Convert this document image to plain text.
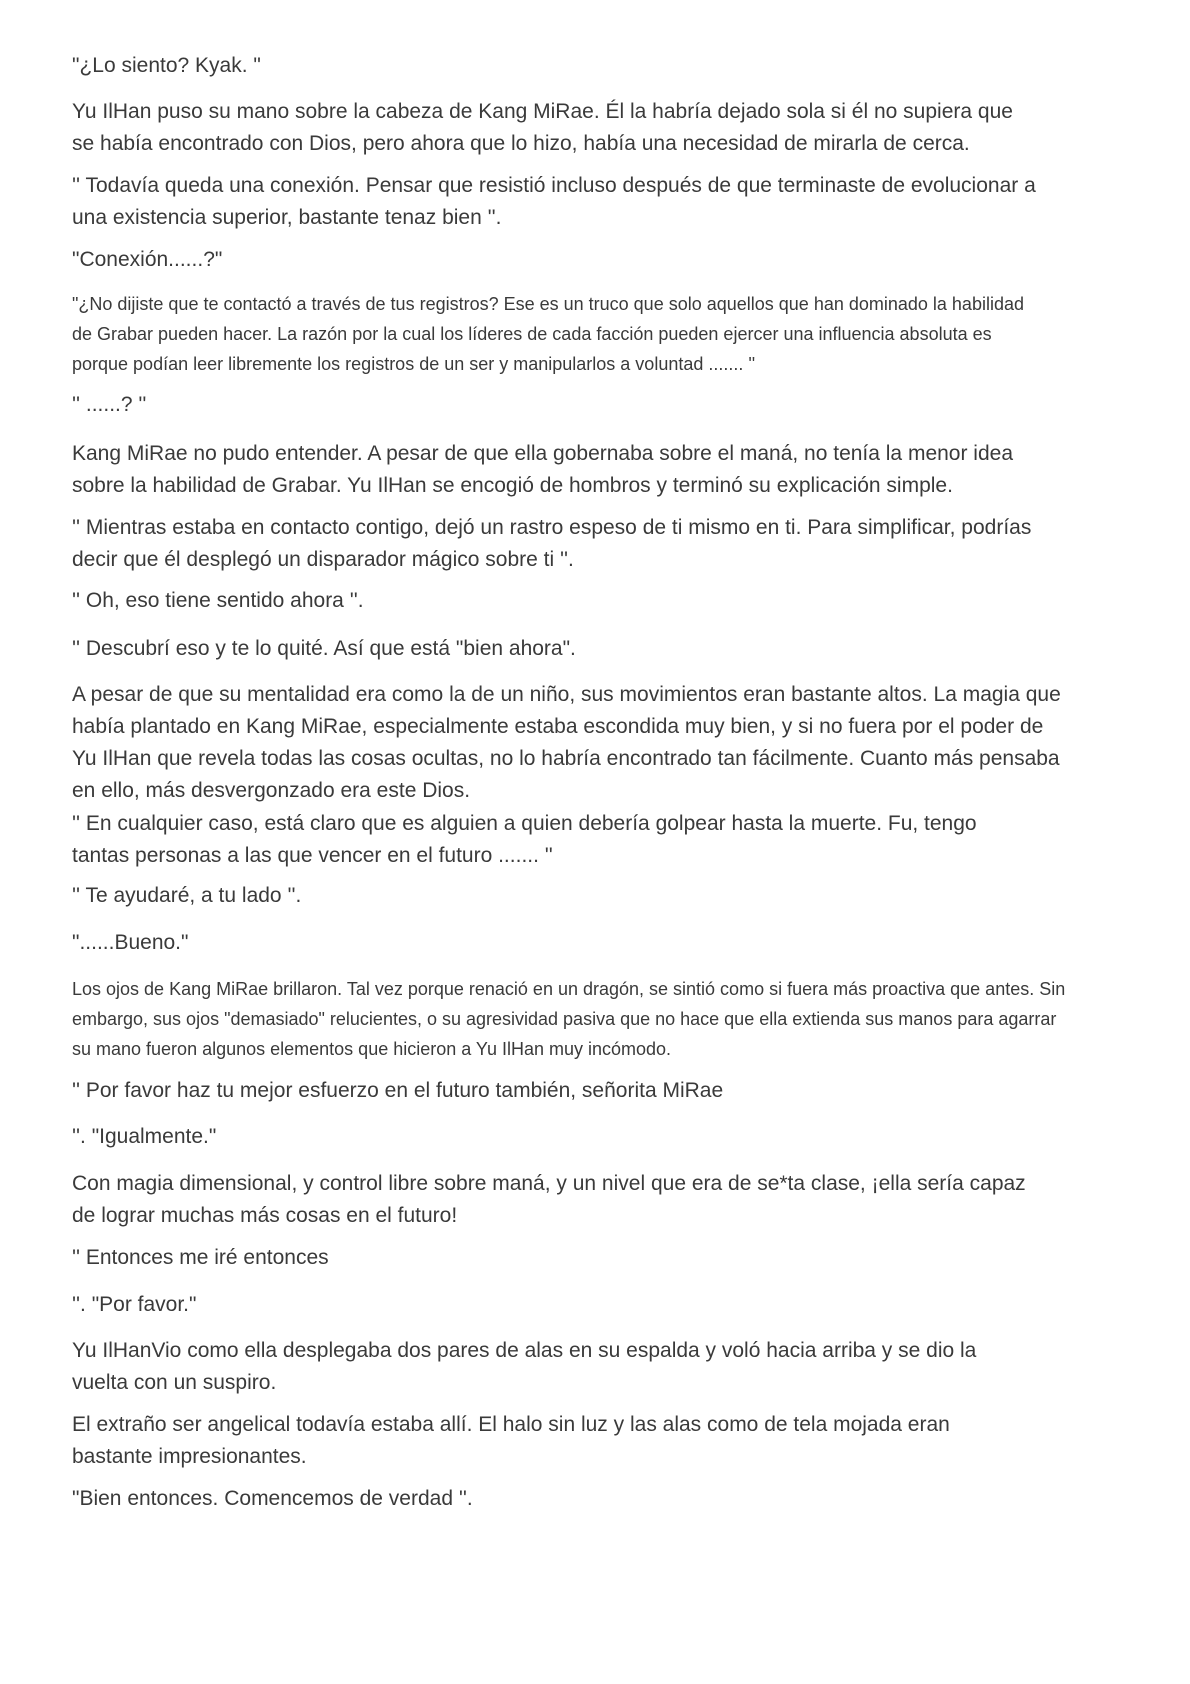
"¿Lo siento? Kyak. "

Yu IlHan puso su mano sobre la cabeza de Kang MiRae. Él la habría dejado sola si él no supiera que se había encontrado con Dios, pero ahora que lo hizo, había una necesidad de mirarla de cerca.

'' Todavía queda una conexión. Pensar que resistió incluso después de que terminaste de evolucionar a una existencia superior, bastante tenaz bien ''.

"Conexión......?"

"¿No dijiste que te contactó a través de tus registros? Ese es un truco que solo aquellos que han dominado la habilidad de Grabar pueden hacer. La razón por la cual los líderes de cada facción pueden ejercer una influencia absoluta es porque podían leer libremente los registros de un ser y manipularlos a voluntad ....... ''

'' ......? ''

Kang MiRae no pudo entender. A pesar de que ella gobernaba sobre el maná, no tenía la menor idea sobre la habilidad de Grabar. Yu IlHan se encogió de hombros y terminó su explicación simple.

'' Mientras estaba en contacto contigo, dejó un rastro espeso de ti mismo en ti. Para simplificar, podrías decir que él desplegó un disparador mágico sobre ti ''.

'' Oh, eso tiene sentido ahora ''.

'' Descubrí eso y te lo quité. Así que está "bien ahora".

A pesar de que su mentalidad era como la de un niño, sus movimientos eran bastante altos. La magia que había plantado en Kang MiRae, especialmente estaba escondida muy bien, y si no fuera por el poder de Yu IlHan que revela todas las cosas ocultas, no lo habría encontrado tan fácilmente. Cuanto más pensaba en ello, más desvergonzado era este Dios.

'' En cualquier caso, está claro que es alguien a quien debería golpear hasta la muerte. Fu, tengo tantas personas a las que vencer en el futuro ....... ''

'' Te ayudaré, a tu lado ''.

"......Bueno."

Los ojos de Kang MiRae brillaron. Tal vez porque renació en un dragón, se sintió como si fuera más proactiva que antes. Sin embargo, sus ojos "demasiado" relucientes, o su agresividad pasiva que no hace que ella extienda sus manos para agarrar su mano fueron algunos elementos que hicieron a Yu IlHan muy incómodo.

'' Por favor haz tu mejor esfuerzo en el futuro también, señorita MiRae

''. "Igualmente."

Con magia dimensional, y control libre sobre maná, y un nivel que era de se*ta clase, ¡ella sería capaz de lograr muchas más cosas en el futuro!

'' Entonces me iré entonces

''. "Por favor."

Yu IlHanVio como ella desplegaba dos pares de alas en su espalda y voló hacia arriba y se dio la vuelta con un suspiro.

El extraño ser angelical todavía estaba allí. El halo sin luz y las alas como de tela mojada eran bastante impresionantes.

"Bien entonces. Comencemos de verdad ''.
